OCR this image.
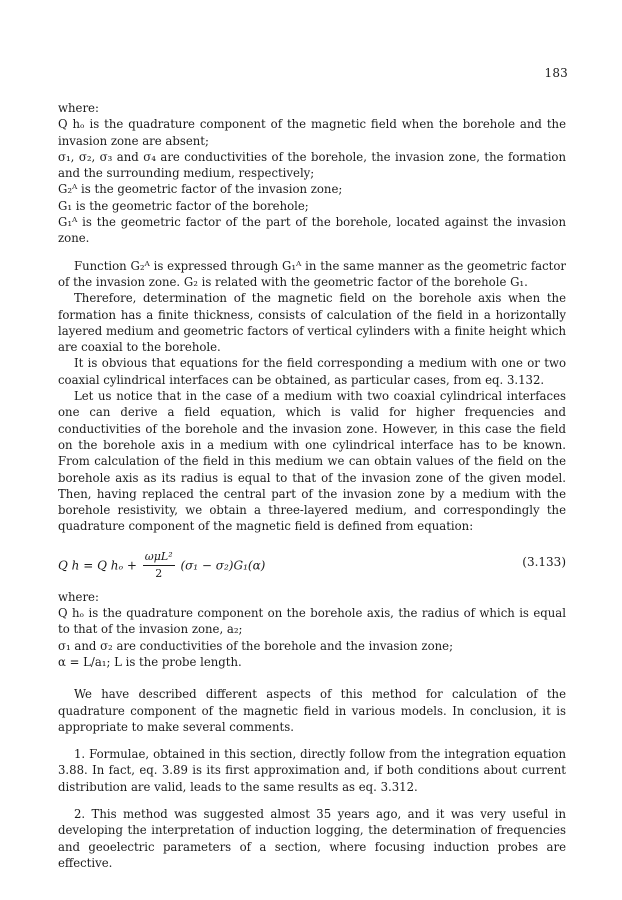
183

where:

Q hₒ is the quadrature component of the magnetic field when the borehole and the invasion zone are absent;

σ₁, σ₂, σ₃ and σ₄ are conductivities of the borehole, the invasion zone, the formation and the surrounding medium, respectively;

G₂ᴬ is the geometric factor of the invasion zone;

G₁ is the geometric factor of the borehole;

G₁ᴬ is the geometric factor of the part of the borehole, located against the invasion zone.

Function G₂ᴬ is expressed through G₁ᴬ in the same manner as the geometric factor of the invasion zone. G₂ is related with the geometric factor of the borehole G₁.

Therefore, determination of the magnetic field on the borehole axis when the formation has a finite thickness, consists of calculation of the field in a horizontally layered medium and geometric factors of vertical cylinders with a finite height which are coaxial to the borehole.

It is obvious that equations for the field corresponding a medium with one or two coaxial cylindrical interfaces can be obtained, as particular cases, from eq. 3.132.

Let us notice that in the case of a medium with two coaxial cylindrical interfaces one can derive a field equation, which is valid for higher frequencies and conductivities of the borehole and the invasion zone. However, in this case the field on the borehole axis in a medium with one cylindrical interface has to be known. From calculation of the field in this medium we can obtain values of the field on the borehole axis as its radius is equal to that of the invasion zone of the given model. Then, having replaced the central part of the invasion zone by a medium with the borehole resistivity, we obtain a three-layered medium, and correspondingly the quadrature component of the magnetic field is defined from equation:

Q h = Q $h_o + \frac{\text{ωμL²}}{2} (\sigma_1 - \sigma_2)G_1(\alpha)$	(3.133)

where:

Q hₒ is the quadrature component on the borehole axis, the radius of which is equal to that of the invasion zone, a₂;

σ₁ and σ₂ are conductivities of the borehole and the invasion zone;

α = L/a₁; L is the probe length.

We have described different aspects of this method for calculation of the quadrature component of the magnetic field in various models. In conclusion, it is appropriate to make several comments.

1. Formulae, obtained in this section, directly follow from the integration equation 3.88. In fact, eq. 3.89 is its first approximation and, if both conditions about current distribution are valid, leads to the same results as eq. 3.312.

2. This method was suggested almost 35 years ago, and it was very useful in developing the interpretation of induction logging, the determination of frequencies and geoelectric parameters of a section, where focusing induction probes are effective.
